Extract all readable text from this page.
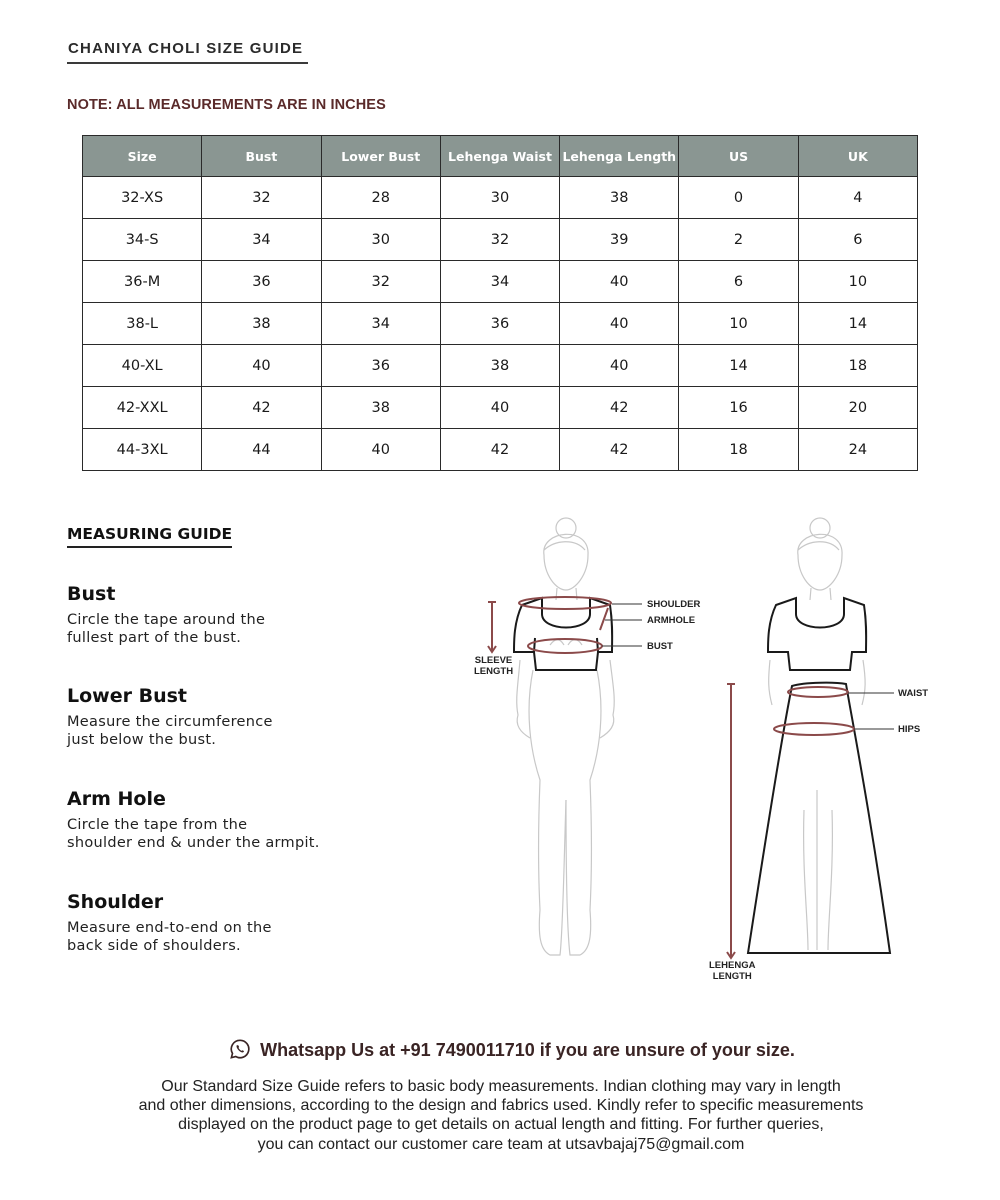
CHANIYA CHOLI SIZE GUIDE
NOTE: ALL MEASUREMENTS ARE IN INCHES
Size	Bust	Lower Bust	Lehenga Waist	Lehenga Length	US	UK
32-XS	32	28	30	38	0	4
34-S	34	30	32	39	2	6
36-M	36	32	34	40	6	10
38-L	38	34	36	40	10	14
40-XL	40	36	38	40	14	18
42-XXL	42	38	40	42	16	20
44-3XL	44	40	42	42	18	24
MEASURING GUIDE
Bust
Circle the tape around the
fullest part of the bust.
Lower Bust
Measure the circumference
just below the bust.
Arm Hole
Circle the tape from the
shoulder end & under the armpit.
Shoulder
Measure end-to-end on the
back side of shoulders.
SHOULDER
ARMHOLE
BUST
SLEEVE
LENGTH
WAIST
HIPS
LEHENGA
LENGTH
Whatsapp Us at +91 7490011710 if you are unsure of your size.
Our Standard Size Guide refers to basic body measurements. Indian clothing may vary in length
and other dimensions, according to the design and fabrics used. Kindly refer to specific measurements
displayed on the product page to get details on actual length and fitting. For further queries,
you can contact our customer care team at utsavbajaj75@gmail.com
